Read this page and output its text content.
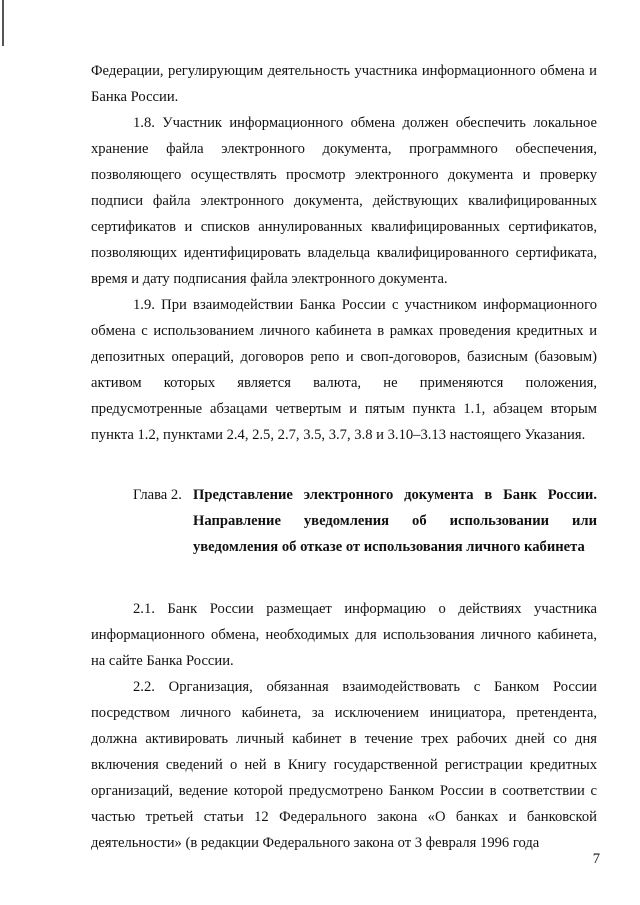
Федерации, регулирующим деятельность участника информационного обмена и Банка России.

1.8. Участник информационного обмена должен обеспечить локальное хранение файла электронного документа, программного обеспечения, позволяющего осуществлять просмотр электронного документа и проверку подписи файла электронного документа, действующих квалифицированных сертификатов и списков аннулированных квалифицированных сертификатов, позволяющих идентифицировать владельца квалифицированного сертификата, время и дату подписания файла электронного документа.

1.9. При взаимодействии Банка России с участником информационного обмена с использованием личного кабинета в рамках проведения кредитных и депозитных операций, договоров репо и своп-договоров, базисным (базовым) активом которых является валюта, не применяются положения, предусмотренные абзацами четвертым и пятым пункта 1.1, абзацем вторым пункта 1.2, пунктами 2.4, 2.5, 2.7, 3.5, 3.7, 3.8 и 3.10–3.13 настоящего Указания.

Глава 2. Представление электронного документа в Банк России. Направление уведомления об использовании или уведомления об отказе от использования личного кабинета

2.1. Банк России размещает информацию о действиях участника информационного обмена, необходимых для использования личного кабинета, на сайте Банка России.

2.2. Организация, обязанная взаимодействовать с Банком России посредством личного кабинета, за исключением инициатора, претендента, должна активировать личный кабинет в течение трех рабочих дней со дня включения сведений о ней в Книгу государственной регистрации кредитных организаций, ведение которой предусмотрено Банком России в соответствии с частью третьей статьи 12 Федерального закона «О банках и банковской деятельности» (в редакции Федерального закона от 3 февраля 1996 года

7
